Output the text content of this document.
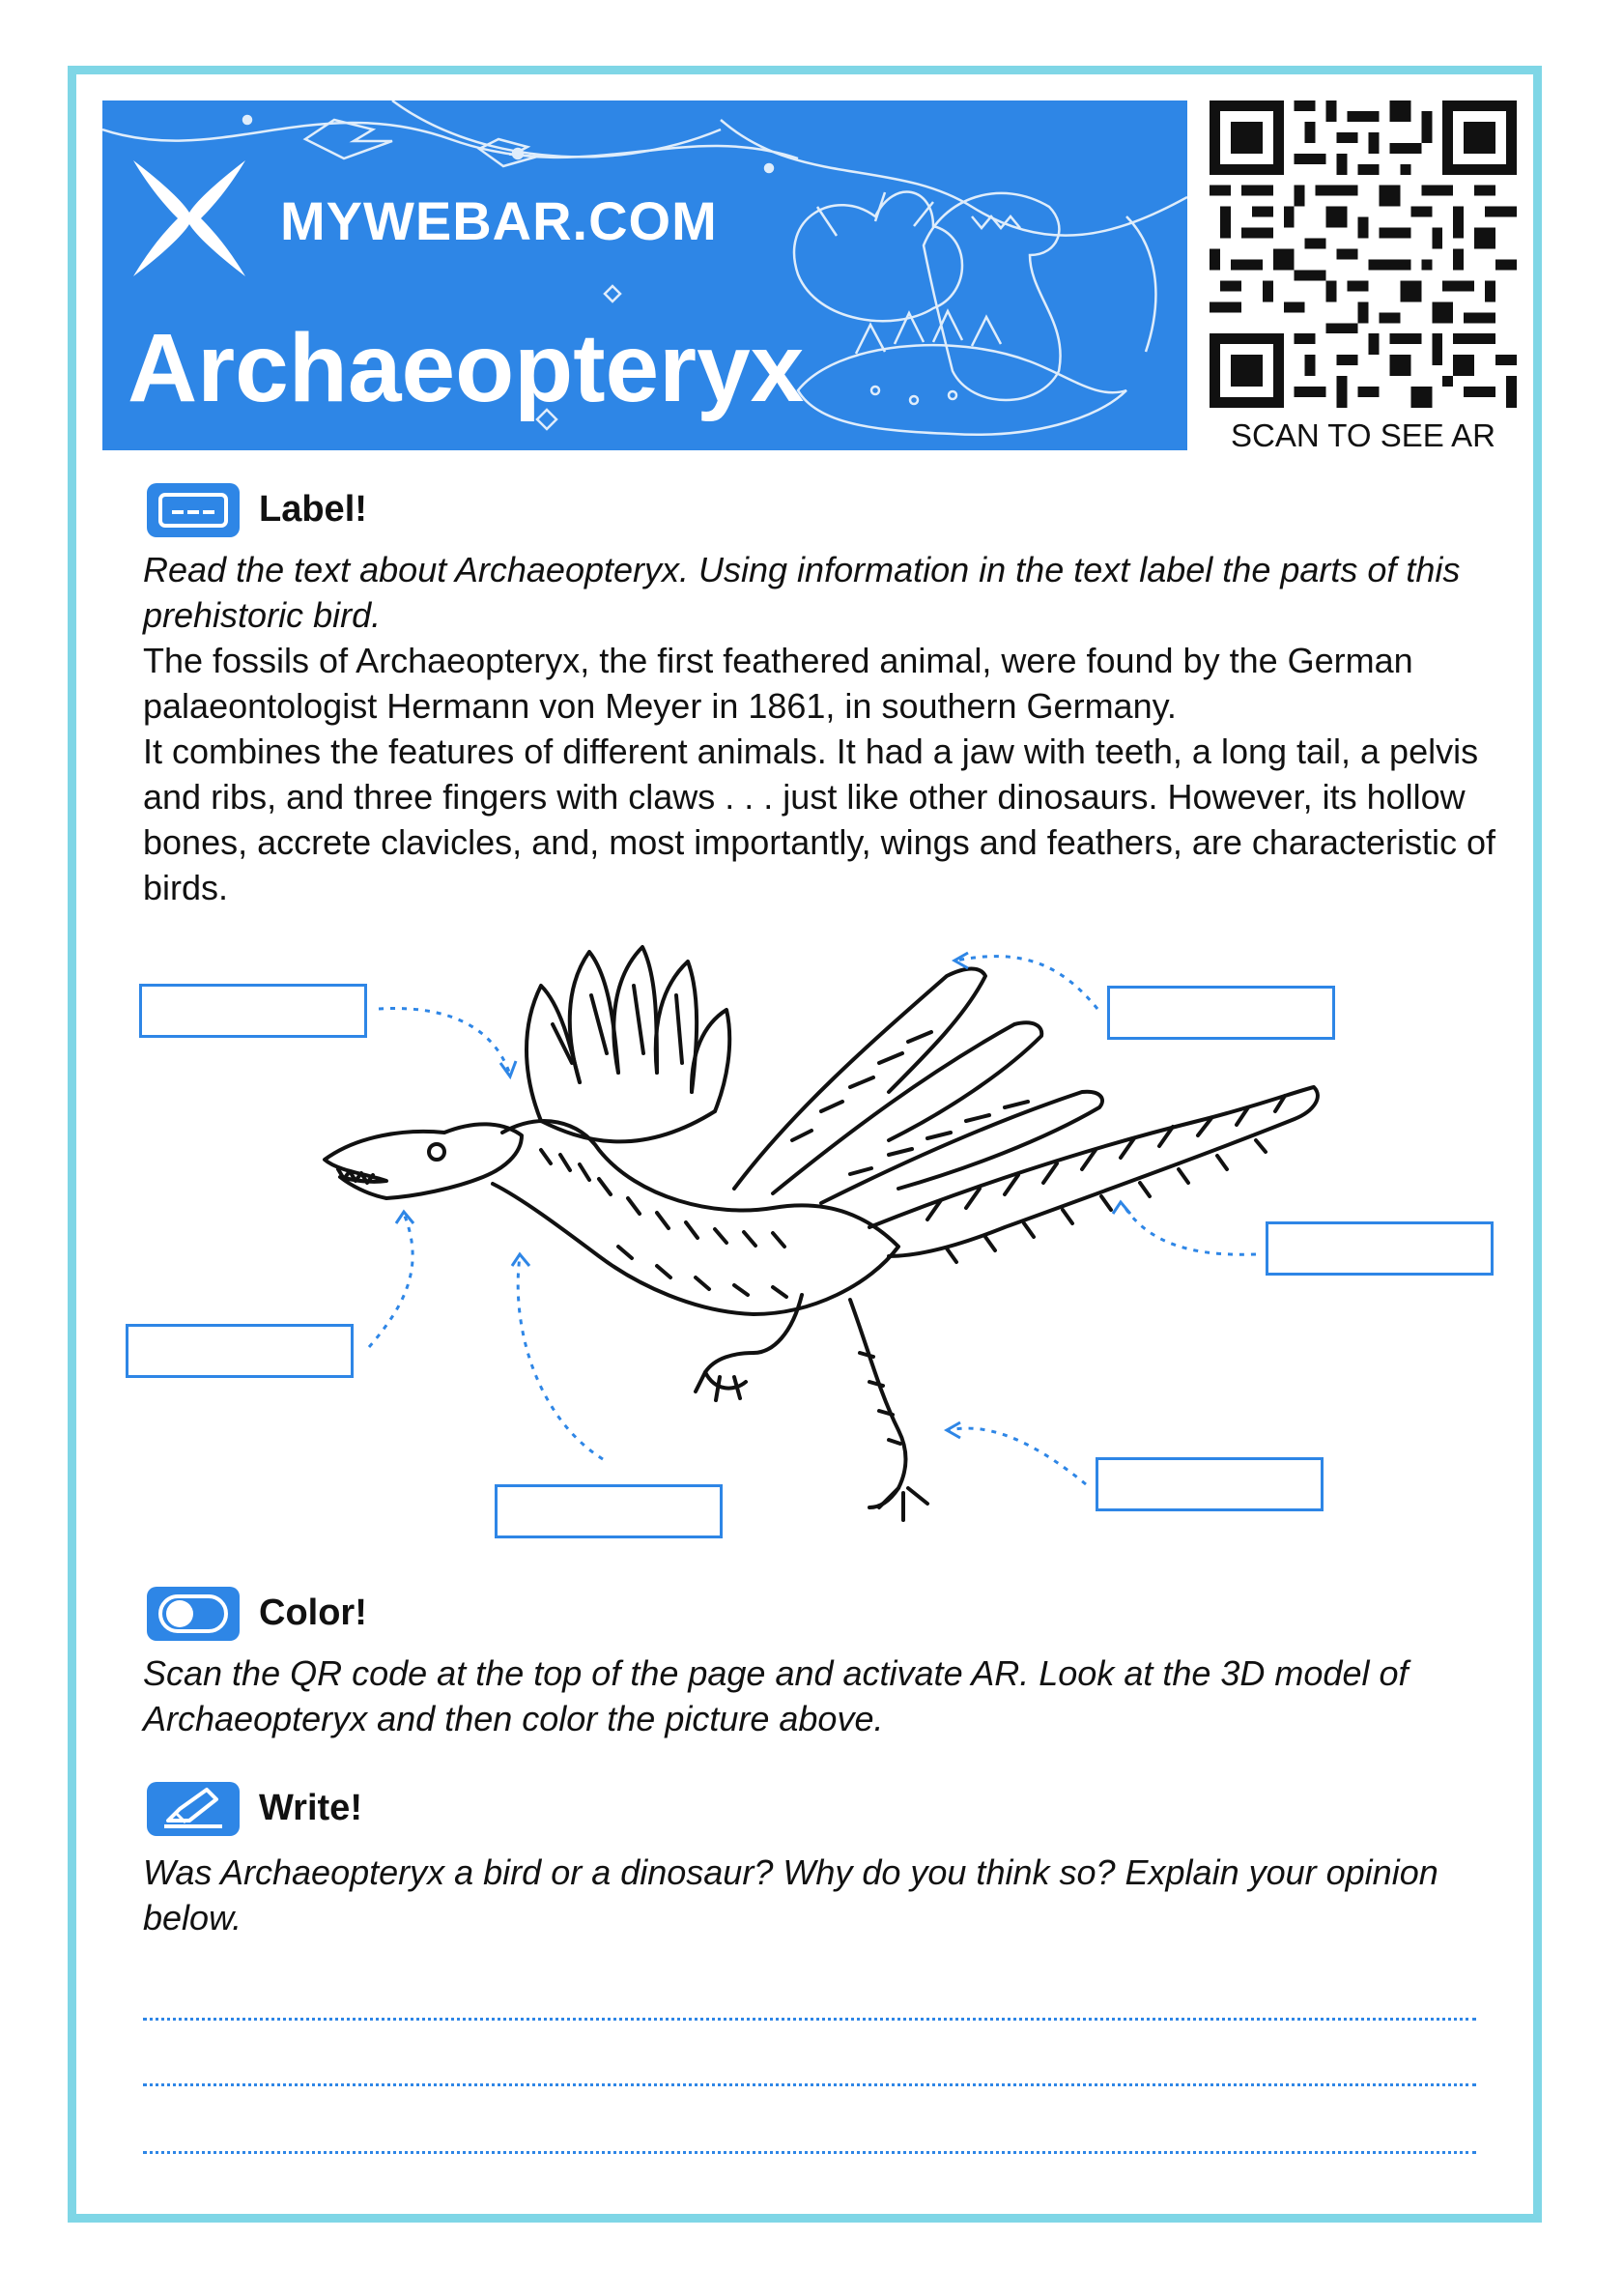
MYWEBAR.COM
Archaeopteryx
SCAN TO SEE AR
Label!
Read the text about Archaeopteryx. Using information in the text label the parts of this prehistoric bird.
The fossils of Archaeopteryx, the first feathered animal, were found by the German palaeontologist Hermann von Meyer in 1861, in southern Germany.
It combines the features of different animals. It had a jaw with teeth, a long tail, a pelvis and ribs, and three fingers with claws . . . just like other dinosaurs. However, its hollow bones, accrete clavicles, and, most importantly, wings and feathers, are characteristic of birds.
Color!
Scan the QR code at the top of the page and activate AR. Look at the 3D model of Archaeopteryx and then color the picture above.
Write!
Was Archaeopteryx a bird or a dinosaur? Why do you think so? Explain your opinion below.
